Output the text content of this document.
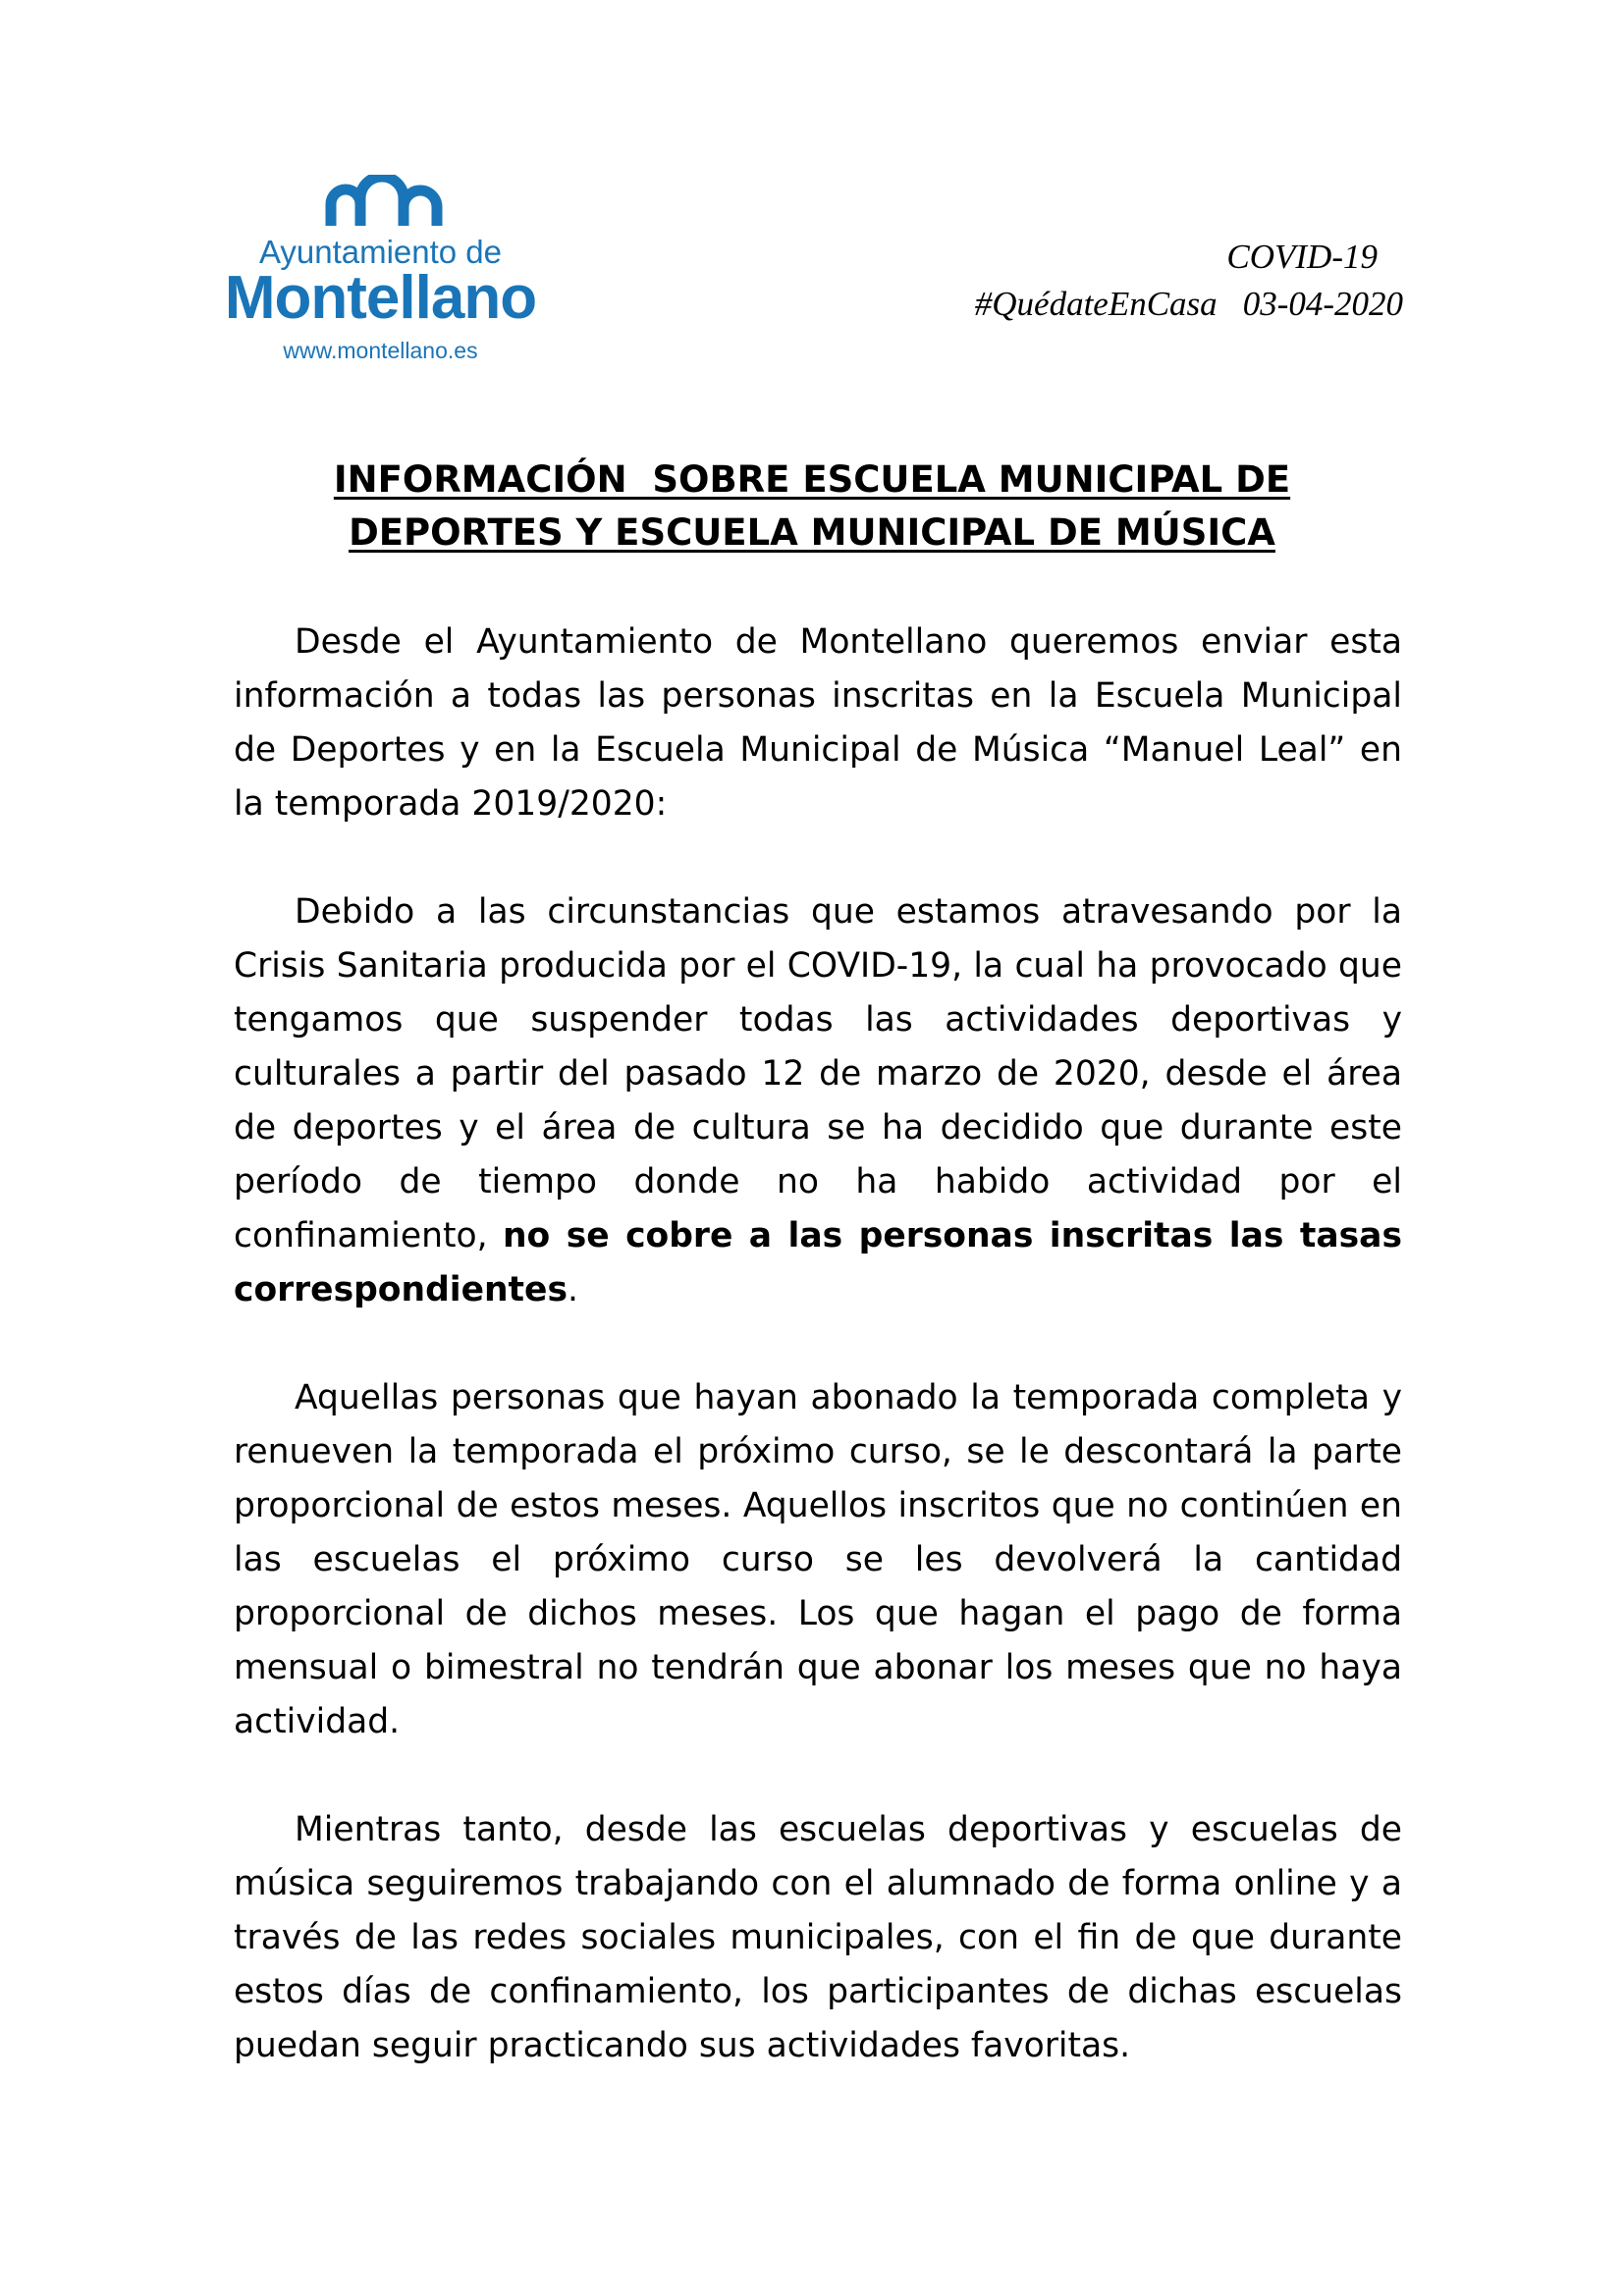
Ayuntamiento de
Montellano
www.montellano.es
COVID-19
#QuédateEnCasa 03-04-2020
INFORMACIÓN  SOBRE ESCUELA MUNICIPAL DE
DEPORTES Y ESCUELA MUNICIPAL DE MÚSICA

Desde el Ayuntamiento de Montellano queremos enviar esta información a todas las personas inscritas en la Escuela Municipal de Deportes y en la Escuela Municipal de Música “Manuel Leal” en la temporada 2019/2020:

Debido a las circunstancias que estamos atravesando por la Crisis Sanitaria producida por el COVID-19, la cual ha provocado que tengamos que suspender todas las actividades deportivas y culturales a partir del pasado 12 de marzo de 2020, desde el área de deportes y el área de cultura se ha decidido que durante este período de tiempo donde no ha habido actividad por el confinamiento, no se cobre a las personas inscritas las tasas correspondientes.

Aquellas personas que hayan abonado la temporada completa y renueven la temporada el próximo curso, se le descontará la parte proporcional de estos meses. Aquellos inscritos que no continúen en las escuelas el próximo curso se les devolverá la cantidad proporcional de dichos meses. Los que hagan el pago de forma mensual o bimestral no tendrán que abonar los meses que no haya actividad.

Mientras tanto, desde las escuelas deportivas y escuelas de música seguiremos trabajando con el alumnado de forma online y a través de las redes sociales municipales, con el fin de que durante estos días de confinamiento, los participantes de dichas escuelas puedan seguir practicando sus actividades favoritas.
